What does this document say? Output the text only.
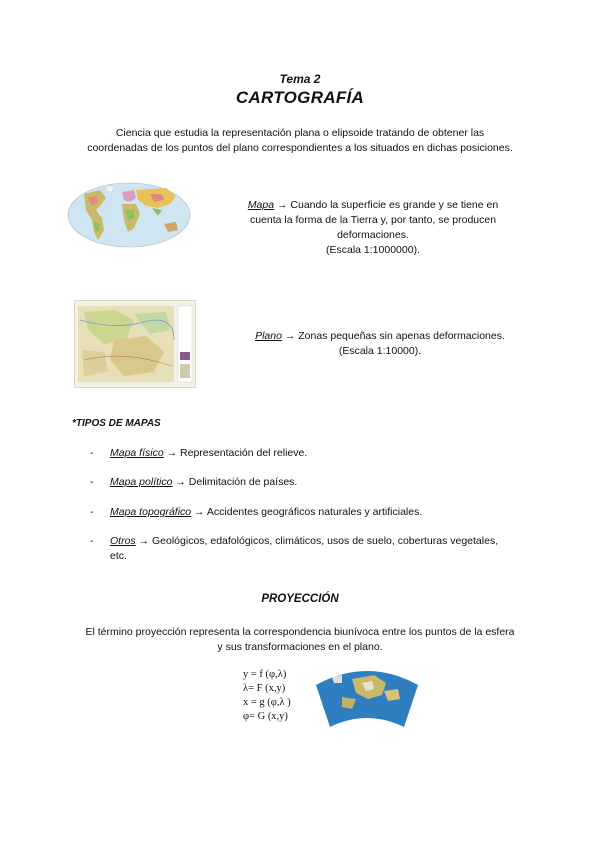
Tema 2
CARTOGRAFÍA
Ciencia que estudia la representación plana o elipsoide tratando de obtener las
coordenadas de los puntos del plano correspondientes a los situados en dichas posiciones.
Mapa → Cuando la superficie es grande y se tiene en
cuenta la forma de la Tierra y, por tanto, se producen
deformaciones.
(Escala 1:1000000).
Plano → Zonas pequeñas sin apenas deformaciones.
(Escala 1:10000).
*TIPOS DE MAPAS
- Mapa físico → Representación del relieve.
- Mapa político → Delimitación de países.
- Mapa topográfico → Accidentes geográficos naturales y artificiales.
- Otros → Geológicos, edafológicos, climáticos, usos de suelo, coberturas vegetales,
etc.
PROYECCIÓN
El término proyección representa la correspondencia biunívoca entre los puntos de la esfera
y sus transformaciones en el plano.
y = f (φ,λ)
λ= F (x,y)
x = g (φ,λ )
φ= G (x,y)
